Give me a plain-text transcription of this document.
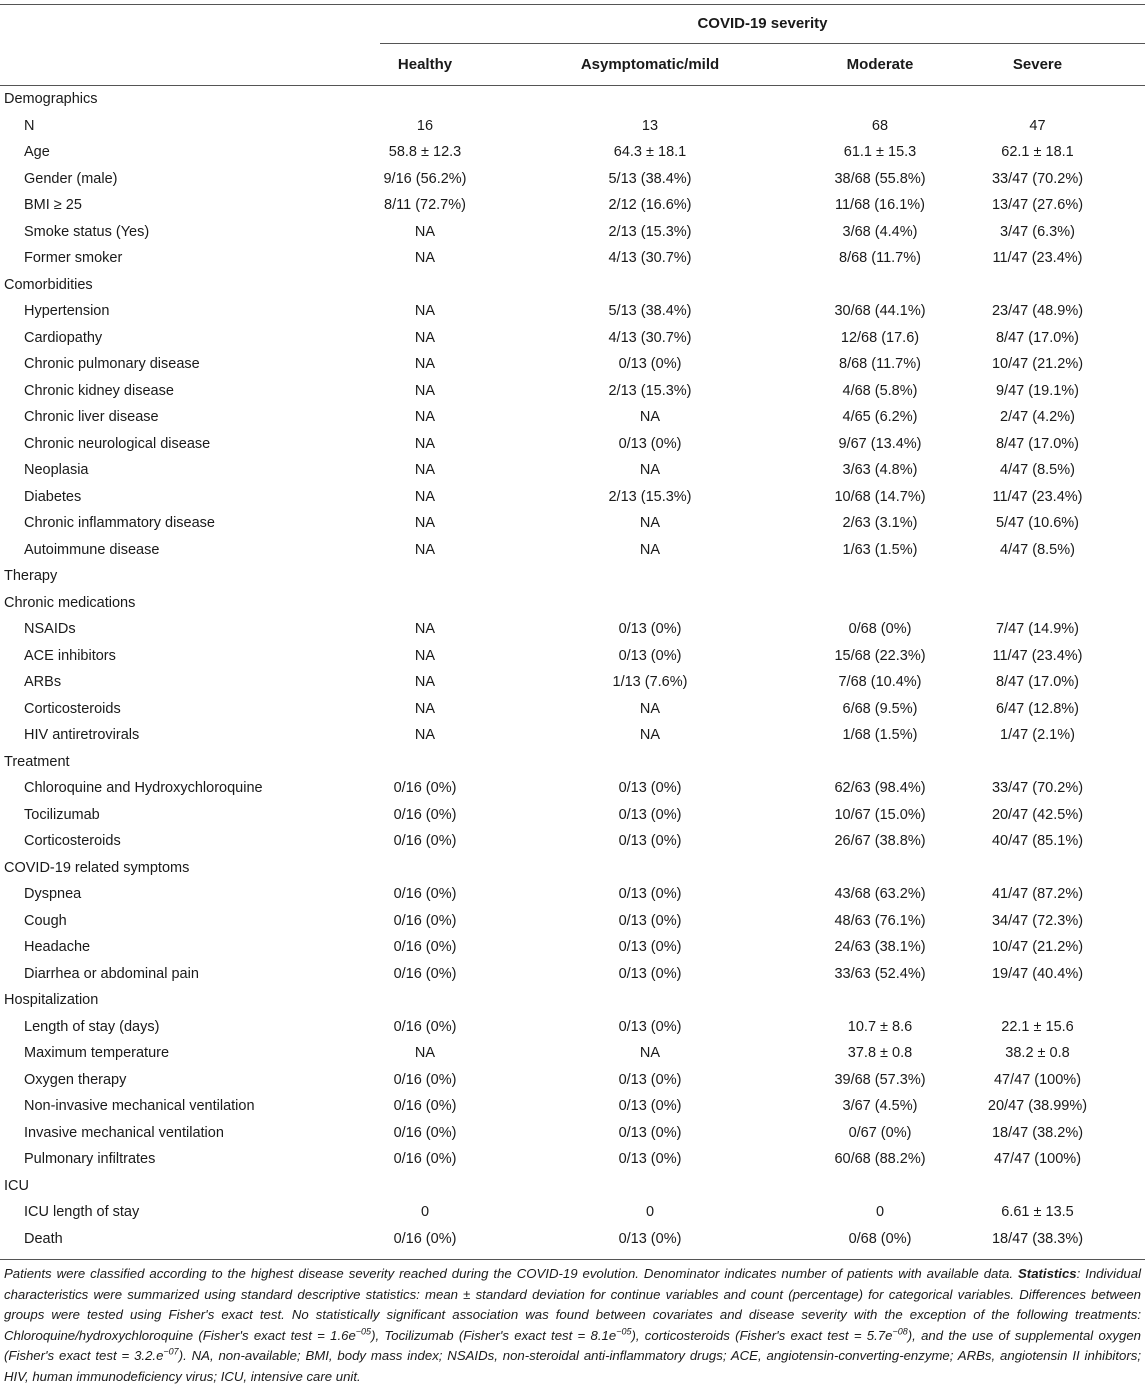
COVID-19 severity
	Healthy	Asymptomatic/mild	Moderate	Severe

Demographics				
N	16	13	68	47
Age	58.8 ± 12.3	64.3 ± 18.1	61.1 ± 15.3	62.1 ± 18.1
Gender (male)	9/16 (56.2%)	5/13 (38.4%)	38/68 (55.8%)	33/47 (70.2%)
BMI ≥ 25	8/11 (72.7%)	2/12 (16.6%)	11/68 (16.1%)	13/47 (27.6%)
Smoke status (Yes)	NA	2/13 (15.3%)	3/68 (4.4%)	3/47 (6.3%)
Former smoker	NA	4/13 (30.7%)	8/68 (11.7%)	11/47 (23.4%)
Comorbidities				
Hypertension	NA	5/13 (38.4%)	30/68 (44.1%)	23/47 (48.9%)
Cardiopathy	NA	4/13 (30.7%)	12/68 (17.6)	8/47 (17.0%)
Chronic pulmonary disease	NA	0/13 (0%)	8/68 (11.7%)	10/47 (21.2%)
Chronic kidney disease	NA	2/13 (15.3%)	4/68 (5.8%)	9/47 (19.1%)
Chronic liver disease	NA	NA	4/65 (6.2%)	2/47 (4.2%)
Chronic neurological disease	NA	0/13 (0%)	9/67 (13.4%)	8/47 (17.0%)
Neoplasia	NA	NA	3/63 (4.8%)	4/47 (8.5%)
Diabetes	NA	2/13 (15.3%)	10/68 (14.7%)	11/47 (23.4%)
Chronic inflammatory disease	NA	NA	2/63 (3.1%)	5/47 (10.6%)
Autoimmune disease	NA	NA	1/63 (1.5%)	4/47 (8.5%)
Therapy				
Chronic medications				
NSAIDs	NA	0/13 (0%)	0/68 (0%)	7/47 (14.9%)
ACE inhibitors	NA	0/13 (0%)	15/68 (22.3%)	11/47 (23.4%)
ARBs	NA	1/13 (7.6%)	7/68 (10.4%)	8/47 (17.0%)
Corticosteroids	NA	NA	6/68 (9.5%)	6/47 (12.8%)
HIV antiretrovirals	NA	NA	1/68 (1.5%)	1/47 (2.1%)
Treatment				
Chloroquine and Hydroxychloroquine	0/16 (0%)	0/13 (0%)	62/63 (98.4%)	33/47 (70.2%)
Tocilizumab	0/16 (0%)	0/13 (0%)	10/67 (15.0%)	20/47 (42.5%)
Corticosteroids	0/16 (0%)	0/13 (0%)	26/67 (38.8%)	40/47 (85.1%)
COVID-19 related symptoms				
Dyspnea	0/16 (0%)	0/13 (0%)	43/68 (63.2%)	41/47 (87.2%)
Cough	0/16 (0%)	0/13 (0%)	48/63 (76.1%)	34/47 (72.3%)
Headache	0/16 (0%)	0/13 (0%)	24/63 (38.1%)	10/47 (21.2%)
Diarrhea or abdominal pain	0/16 (0%)	0/13 (0%)	33/63 (52.4%)	19/47 (40.4%)
Hospitalization				
Length of stay (days)	0/16 (0%)	0/13 (0%)	10.7 ± 8.6	22.1 ± 15.6
Maximum temperature	NA	NA	37.8 ± 0.8	38.2 ± 0.8
Oxygen therapy	0/16 (0%)	0/13 (0%)	39/68 (57.3%)	47/47 (100%)
Non-invasive mechanical ventilation	0/16 (0%)	0/13 (0%)	3/67 (4.5%)	20/47 (38.99%)
Invasive mechanical ventilation	0/16 (0%)	0/13 (0%)	0/67 (0%)	18/47 (38.2%)
Pulmonary infiltrates	0/16 (0%)	0/13 (0%)	60/68 (88.2%)	47/47 (100%)
ICU				
ICU length of stay	0	0	0	6.61 ± 13.5
Death	0/16 (0%)	0/13 (0%)	0/68 (0%)	18/47 (38.3%)
Patients were classified according to the highest disease severity reached during the COVID-19 evolution. Denominator indicates number of patients with available data. Statistics: Individual characteristics were summarized using standard descriptive statistics: mean ± standard deviation for continue variables and count (percentage) for categorical variables. Differences between groups were tested using Fisher's exact test. No statistically significant association was found between covariates and disease severity with the exception of the following treatments: Chloroquine/hydroxychloroquine (Fisher's exact test = $1.6e^{-05}$), Tocilizumab (Fisher's exact test = $8.1e^{-05}$), corticosteroids (Fisher's exact test = $5.7e^{-08}$), and the use of supplemental oxygen (Fisher's exact test = $3.2.e^{-07}$). NA, non-available; BMI, body mass index; NSAIDs, non-steroidal anti-inflammatory drugs; ACE, angiotensin-converting-enzyme; ARBs, angiotensin II inhibitors; HIV, human immunodeficiency virus; ICU, intensive care unit.
